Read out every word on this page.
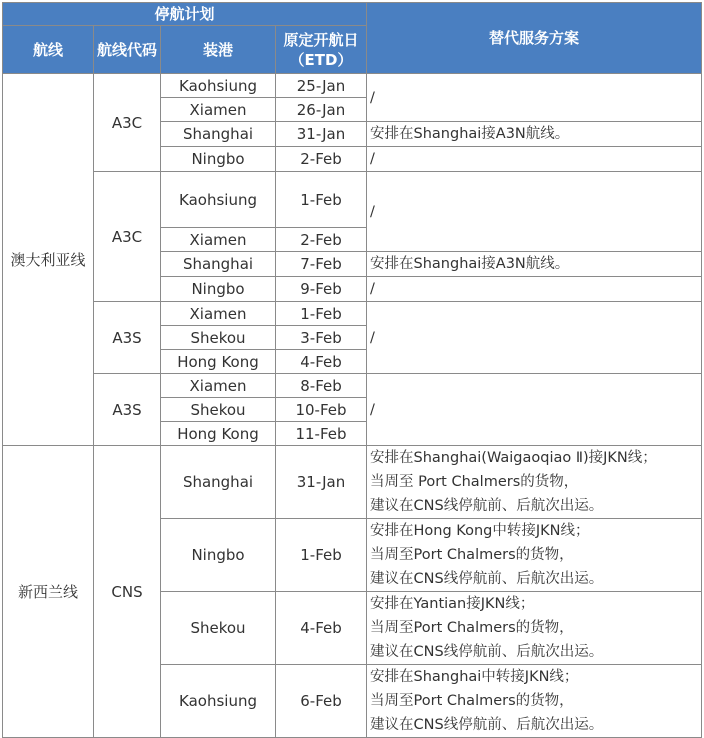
停航计划				替代服务方案
航线	航线代码	装港	原定开航日（ETD）	
澳大利亚线	A3C	Kaohsiung	25-Jan	/
		Xiamen	26-Jan	
		Shanghai	31-Jan	安排在Shanghai接A3N航线。
		Ningbo	2-Feb	/
	A3C	Kaohsiung	1-Feb	/
		Xiamen	2-Feb	
		Shanghai	7-Feb	安排在Shanghai接A3N航线。
		Ningbo	9-Feb	/
	A3S	Xiamen	1-Feb	/
		Shekou	3-Feb	
		Hong Kong	4-Feb	
	A3S	Xiamen	8-Feb	/
		Shekou	10-Feb	
		Hong Kong	11-Feb	
新西兰线	CNS	Shanghai	31-Jan	安排在Shanghai(Waigaoqiao Ⅱ)接JKN线；
当周至 Port Chalmers的货物，
建议在CNS线停航前、后航次出运。

		Ningbo	1-Feb	安排在Hong Kong中转接JKN线；
当周至Port Chalmers的货物，
建议在CNS线停航前、后航次出运。

		Shekou	4-Feb	安排在Yantian接JKN线；
当周至Port Chalmers的货物，
建议在CNS线停航前、后航次出运。

		Kaohsiung	6-Feb	安排在Shanghai中转接JKN线；
当周至Port Chalmers的货物，
建议在CNS线停航前、后航次出运。
